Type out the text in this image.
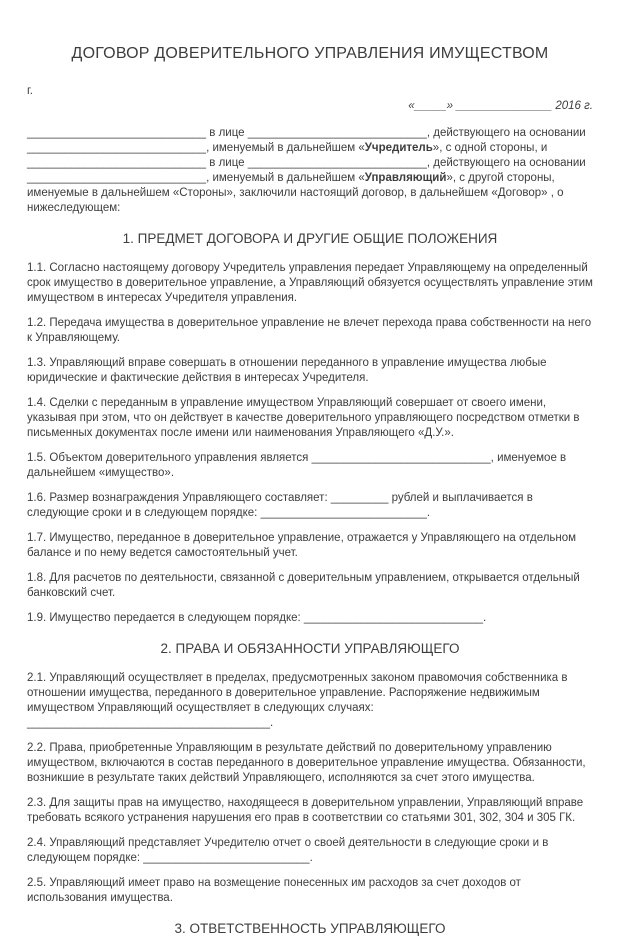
ДОГОВОР ДОВЕРИТЕЛЬНОГО УПРАВЛЕНИЯ ИМУЩЕСТВОМ
г.
«_____» _______________ 2016 г.

____________________________ в лице ____________________________, действующего на основании ____________________________, именуемый в дальнейшем «Учредитель», с одной стороны, и ____________________________ в лице ____________________________, действующего на основании ____________________________, именуемый в дальнейшем «Управляющий», с другой стороны, именуемые в дальнейшем «Стороны», заключили настоящий договор, в дальнейшем «Договор» , о нижеследующем:

1. ПРЕДМЕТ ДОГОВОРА И ДРУГИЕ ОБЩИЕ ПОЛОЖЕНИЯ

1.1. Согласно настоящему договору Учредитель управления передает Управляющему на определенный срок имущество в доверительное управление, а Управляющий обязуется осуществлять управление этим имуществом в интересах Учредителя управления.

1.2. Передача имущества в доверительное управление не влечет перехода права собственности на него к Управляющему.

1.3. Управляющий вправе совершать в отношении переданного в управление имущества любые юридические и фактические действия в интересах Учредителя.

1.4. Сделки с переданным в управление имуществом Управляющий совершает от своего имени, указывая при этом, что он действует в качестве доверительного управляющего посредством отметки в письменных документах после имени или наименования Управляющего «Д.У.».

1.5. Объектом доверительного управления является ____________________________, именуемое в дальнейшем «имущество».

1.6. Размер вознаграждения Управляющего составляет: _________ рублей и выплачивается в следующие сроки и в следующем порядке: __________________________.

1.7. Имущество, переданное в доверительное управление, отражается у Управляющего на отдельном балансе и по нему ведется самостоятельный учет.

1.8. Для расчетов по деятельности, связанной с доверительным управлением, открывается отдельный банковский счет.

1.9. Имущество передается в следующем порядке: ____________________________.

2. ПРАВА И ОБЯЗАННОСТИ УПРАВЛЯЮЩЕГО

2.1. Управляющий осуществляет в пределах, предусмотренных законом правомочия собственника в отношении имущества, переданного в доверительное управление. Распоряжение недвижимым имуществом Управляющий осуществляет в следующих случаях: ______________________________________.

2.2. Права, приобретенные Управляющим в результате действий по доверительному управлению имуществом, включаются в состав переданного в доверительное управление имущества. Обязанности, возникшие в результате таких действий Управляющего, исполняются за счет этого имущества.

2.3. Для защиты прав на имущество, находящееся в доверительном управлении, Управляющий вправе требовать всякого устранения нарушения его прав в соответствии со статьями 301, 302, 304 и 305 ГК.

2.4. Управляющий представляет Учредителю отчет о своей деятельности в следующие сроки и в следующем порядке: __________________________.

2.5. Управляющий имеет право на возмещение понесенных им расходов за счет доходов от использования имущества.

3. ОТВЕТСТВЕННОСТЬ УПРАВЛЯЮЩЕГО
